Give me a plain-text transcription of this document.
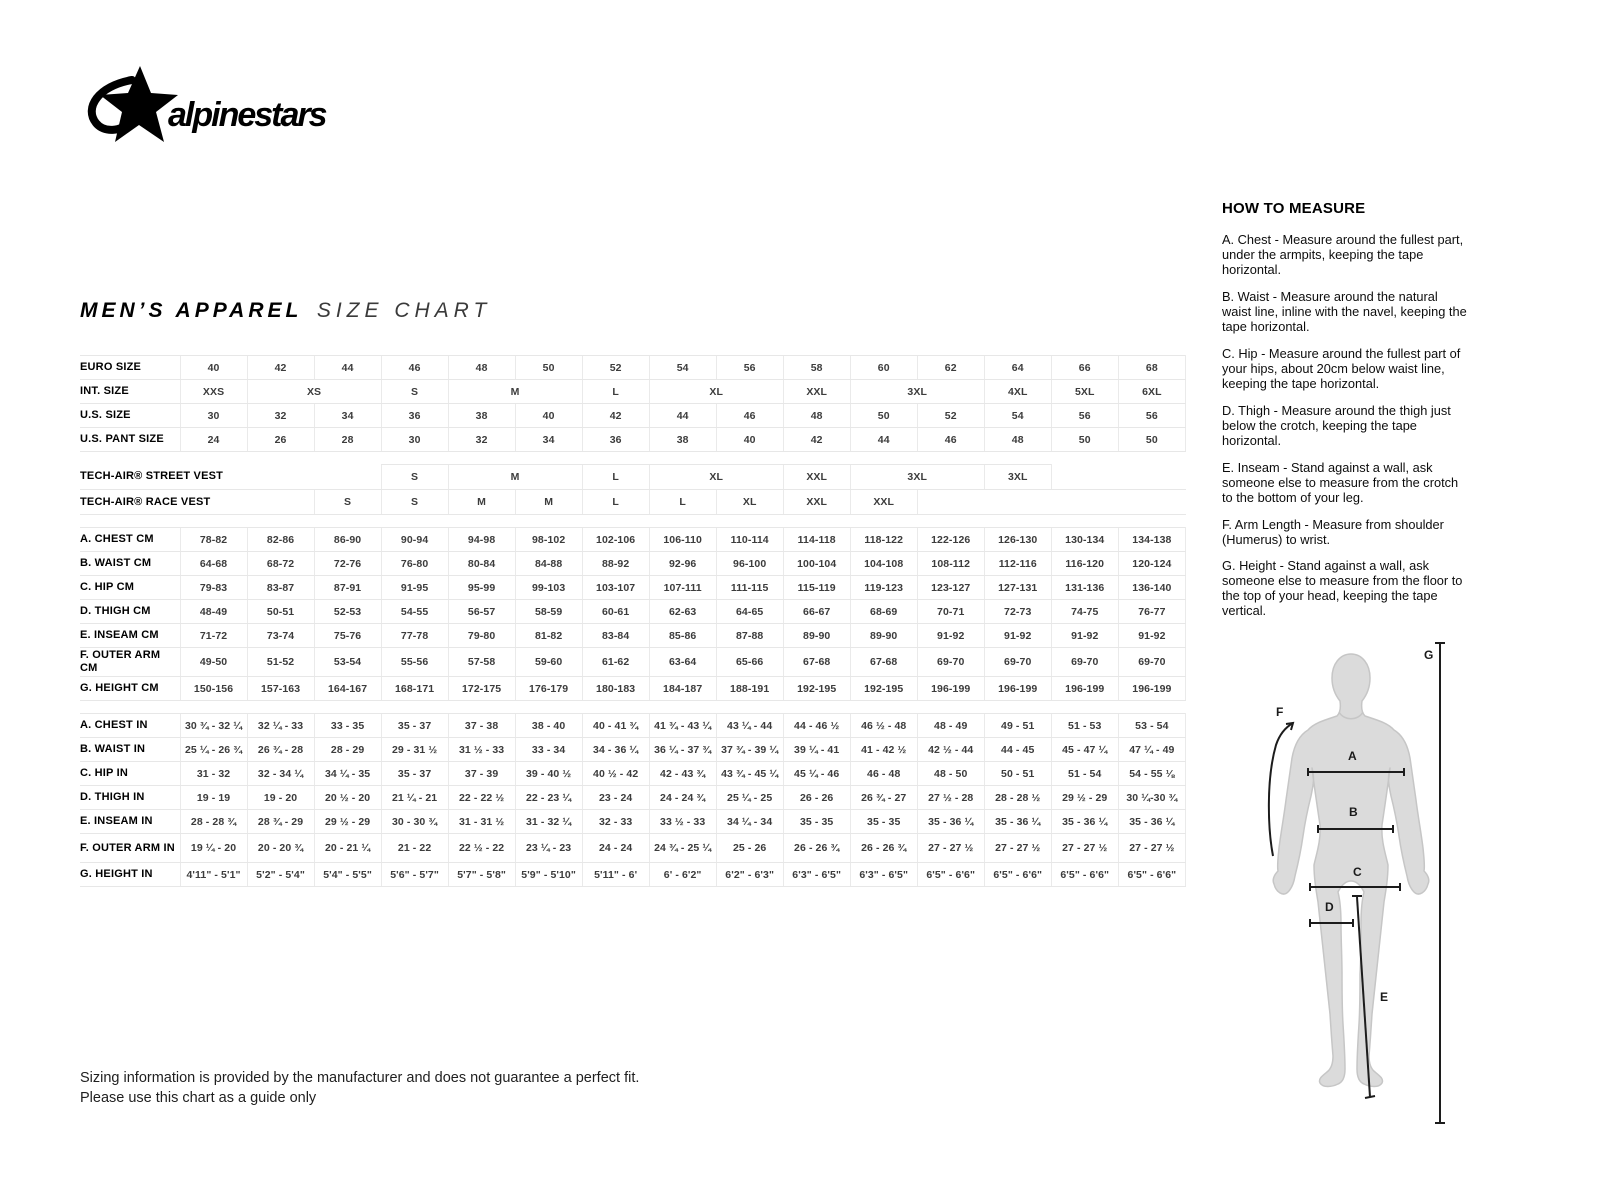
alpinestars
MEN’S APPAREL SIZE CHART
EURO SIZE	40	42	44	46	48	50	52	54	56	58	60	62	64	66	68
INT. SIZE	XXS	XS		S	M		L	XL		XXL	3XL		4XL	5XL	6XL
U.S. SIZE	30	32	34	36	38	40	42	44	46	48	50	52	54	56	56
U.S. PANT SIZE	24	26	28	30	32	34	36	38	40	42	44	46	48	50	50

TECH-AIR® STREET VEST				S	M		L	XL		XXL	3XL		3XL		
TECH-AIR® RACE VEST			S	S	M	M	L	L	XL	XXL	XXL				

A. CHEST CM	78-82	82-86	86-90	90-94	94-98	98-102	102-106	106-110	110-114	114-118	118-122	122-126	126-130	130-134	134-138
B. WAIST CM	64-68	68-72	72-76	76-80	80-84	84-88	88-92	92-96	96-100	100-104	104-108	108-112	112-116	116-120	120-124
C. HIP CM	79-83	83-87	87-91	91-95	95-99	99-103	103-107	107-111	111-115	115-119	119-123	123-127	127-131	131-136	136-140
D. THIGH CM	48-49	50-51	52-53	54-55	56-57	58-59	60-61	62-63	64-65	66-67	68-69	70-71	72-73	74-75	76-77
E. INSEAM CM	71-72	73-74	75-76	77-78	79-80	81-82	83-84	85-86	87-88	89-90	89-90	91-92	91-92	91-92	91-92
F. OUTER ARM CM	49-50	51-52	53-54	55-56	57-58	59-60	61-62	63-64	65-66	67-68	67-68	69-70	69-70	69-70	69-70
G. HEIGHT CM	150-156	157-163	164-167	168-171	172-175	176-179	180-183	184-187	188-191	192-195	192-195	196-199	196-199	196-199	196-199

A. CHEST IN	30 ¾ - 32 ¼	32 ¼ - 33	33 - 35	35 - 37	37 - 38	38 - 40	40 - 41 ¾	41 ¾ - 43 ¼	43 ¼ - 44	44 - 46 ½	46 ½ - 48	48 - 49	49 - 51	51 - 53	53 - 54
B. WAIST IN	25 ¼ - 26 ¾	26 ¾ - 28	28 - 29	29 - 31 ½	31 ½ - 33	33 - 34	34 - 36 ¼	36 ¼ - 37 ¾	37 ¾ - 39 ¼	39 ¼ - 41	41 - 42 ½	42 ½ - 44	44 - 45	45 - 47 ¼	47 ¼ - 49
C. HIP IN	31 - 32	32 - 34 ¼	34 ¼ - 35	35 - 37	37 - 39	39 - 40 ½	40 ½ - 42	42 - 43 ¾	43 ¾ - 45 ¼	45 ¼ - 46	46 - 48	48 - 50	50 - 51	51 - 54	54 - 55 ⅛
D. THIGH IN	19 - 19	19 - 20	20 ½ - 20	21 ¼ - 21	22 - 22 ½	22 - 23 ¼	23 - 24	24 - 24 ¾	25 ¼ - 25	26 - 26	26 ¾ - 27	27 ½ - 28	28 - 28 ½	29 ½ - 29	30 ¼-30 ¾
E. INSEAM IN	28 - 28 ¾	28 ¾ - 29	29 ½ - 29	30 - 30 ¾	31 - 31 ½	31 - 32 ¼	32 - 33	33 ½ - 33	34 ¼ - 34	35 - 35	35 - 35	35 - 36 ¼	35 - 36 ¼	35 - 36 ¼	35 - 36 ¼
F. OUTER ARM IN	19 ¼ - 20	20 - 20 ¾	20 - 21 ¼	21 - 22	22 ½ - 22	23 ¼ - 23	24 - 24	24 ¾ - 25 ¼	25 - 26	26 - 26 ¾	26 - 26 ¾	27 - 27 ½	27 - 27 ½	27 - 27 ½	27 - 27 ½
G. HEIGHT IN	4'11" - 5'1"	5'2" - 5'4"	5'4" - 5'5"	5'6" - 5'7"	5'7" - 5'8"	5'9" - 5'10"	5'11" - 6'	6' - 6'2"	6'2" - 6'3"	6'3" - 6'5"	6'3" - 6'5"	6'5" - 6'6"	6'5" - 6'6"	6'5" - 6'6"	6'5" - 6'6"
HOW TO MEASURE

A. Chest - Measure around the fullest part, under the armpits, keeping the tape horizontal.

B. Waist - Measure around the natural waist line, inline with the navel, keeping the tape horizontal.

C. Hip - Measure around the fullest part of your hips, about 20cm below waist line, keeping the tape horizontal.

D. Thigh - Measure around the thigh just below the crotch, keeping the tape horizontal.

E. Inseam - Stand against a wall, ask someone else to measure from the crotch to the bottom of your leg.

F. Arm Length - Measure from shoulder (Humerus) to wrist.

G. Height - Stand against a wall, ask someone else to measure from the floor to the top of your head, keeping the tape vertical.

A
B
C
D
E
F
G
Sizing information is provided by the manufacturer and does not guarantee a perfect fit.
Please use this chart as a guide only
